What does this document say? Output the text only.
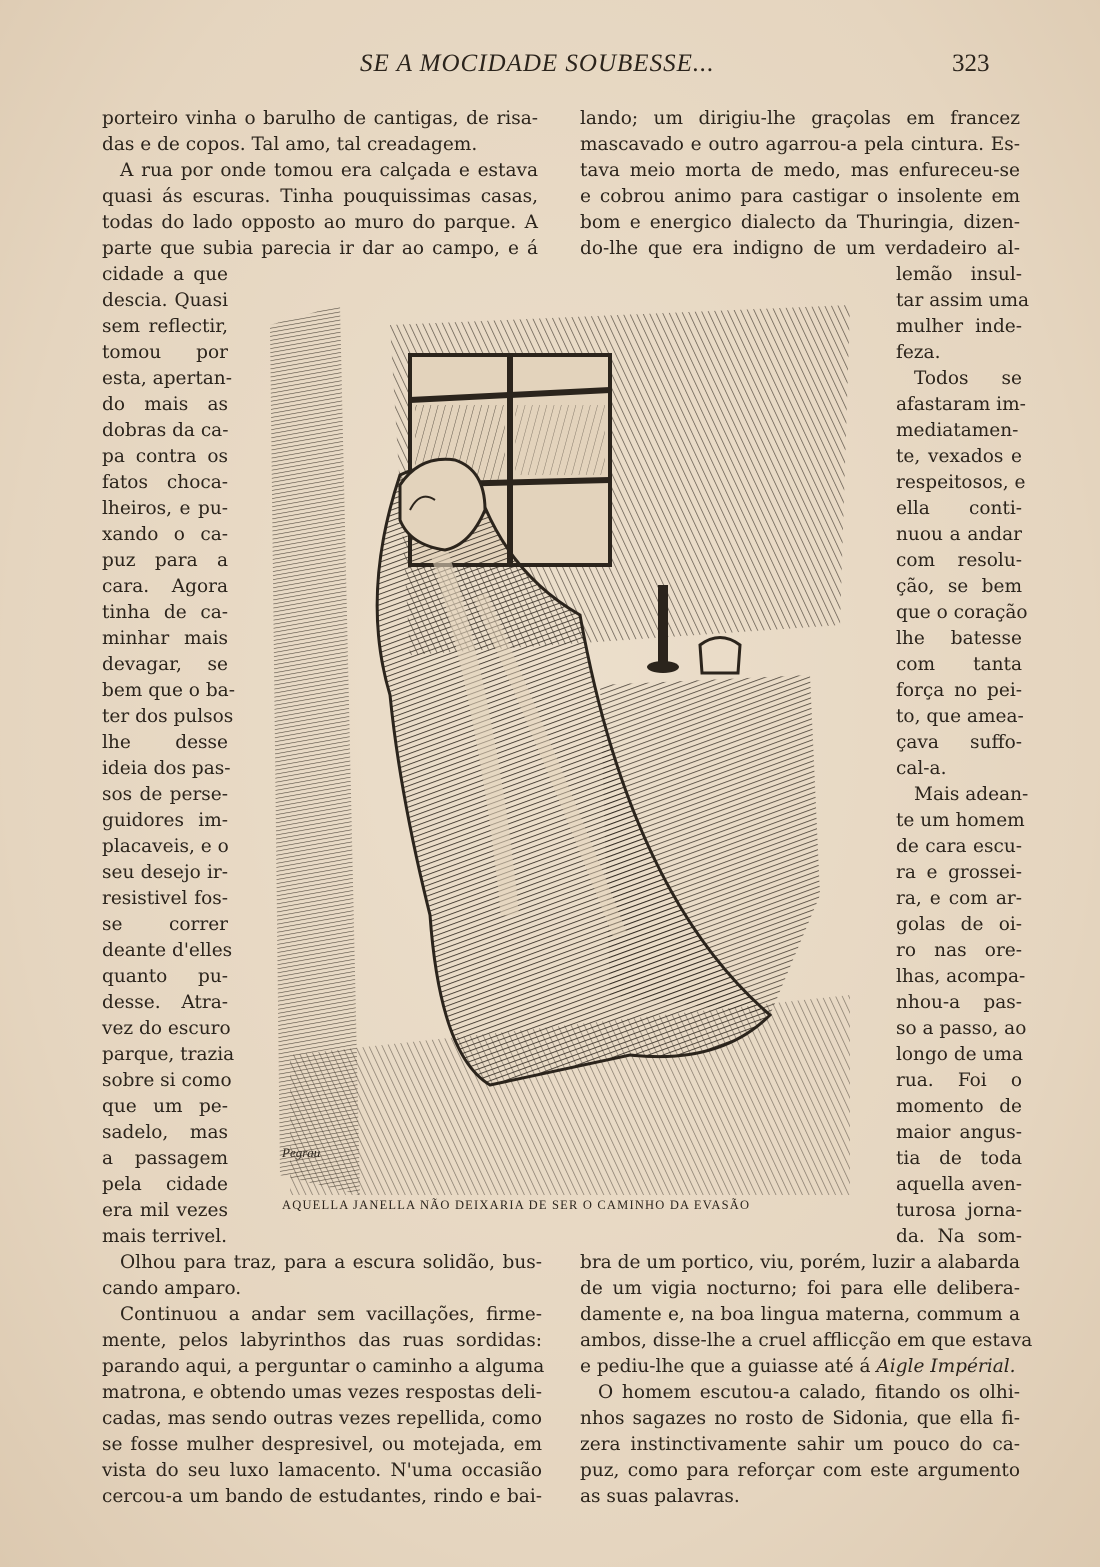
SE A MOCIDADE SOUBESSE...	323
porteiro vinha o barulho de cantigas, de risa-
das e de copos. Tal amo, tal creadagem.
A rua por onde tomou era calçada e estava
quasi ás escuras. Tinha pouquissimas casas,
todas do lado opposto ao muro do parque. A
parte que subia parecia ir dar ao campo, e á
cidade a que
descia. Quasi
sem reflectir,
tomou por
esta, apertan-
do mais as
dobras da ca-
pa contra os
fatos choca-
lheiros, e pu-
xando o ca-
puz para a
cara. Agora
tinha de ca-
minhar mais
devagar, se
bem que o ba-
ter dos pulsos
lhe desse
ideia dos pas-
sos de perse-
guidores im-
placaveis, e o
seu desejo ir-
resistivel fos-
se correr
deante d'elles
quanto pu-
desse. Atra-
vez do escuro
parque, trazia
sobre si como
que um pe-
sadelo, mas
a passagem
pela cidade
era mil vezes
mais terrivel.
Olhou para traz, para a escura solidão, bus-
cando amparo.
Continuou a andar sem vacillações, firme-
mente, pelos labyrinthos das ruas sordidas:
parando aqui, a perguntar o caminho a alguma
matrona, e obtendo umas vezes respostas deli-
cadas, mas sendo outras vezes repellida, como
se fosse mulher despresivel, ou motejada, em
vista do seu luxo lamacento. N'uma occasião
cercou-a um bando de estudantes, rindo e bai-
lando; um dirigiu-lhe graçolas em francez
mascavado e outro agarrou-a pela cintura. Es-
tava meio morta de medo, mas enfureceu-se
e cobrou animo para castigar o insolente em
bom e energico dialecto da Thuringia, dizen-
do-lhe que era indigno de um verdadeiro al-
lemão insul-
tar assim uma
mulher inde-
feza.
Todos se
afastaram im-
mediatamen-
te, vexados e
respeitosos, e
ella conti-
nuou a andar
com resolu-
ção, se bem
que o coração
lhe batesse
com tanta
força no pei-
to, que amea-
çava suffo-
cal-a.
Mais adean-
te um homem
de cara escu-
ra e grossei-
ra, e com ar-
golas de oi-
ro nas ore-
lhas, acompa-
nhou-a pas-
so a passo, ao
longo de uma
rua. Foi o
momento de
maior angus-
tia de toda
aquella aven-
turosa jorna-
da. Na som-
bra de um portico, viu, porém, luzir a alabarda
de um vigia nocturno; foi para elle delibera-
damente e, na boa lingua materna, commum a
ambos, disse-lhe a cruel afflicção em que estava
e pediu-lhe que a guiasse até á Aigle Impérial.
O homem escutou-a calado, fitando os olhi-
nhos sagazes no rosto de Sidonia, que ella fi-
zera instinctivamente sahir um pouco do ca-
puz, como para reforçar com este argumento
as suas palavras.
Pegrau
AQUELLA JANELLA NÃO DEIXARIA DE SER O CAMINHO DA EVASÃO
